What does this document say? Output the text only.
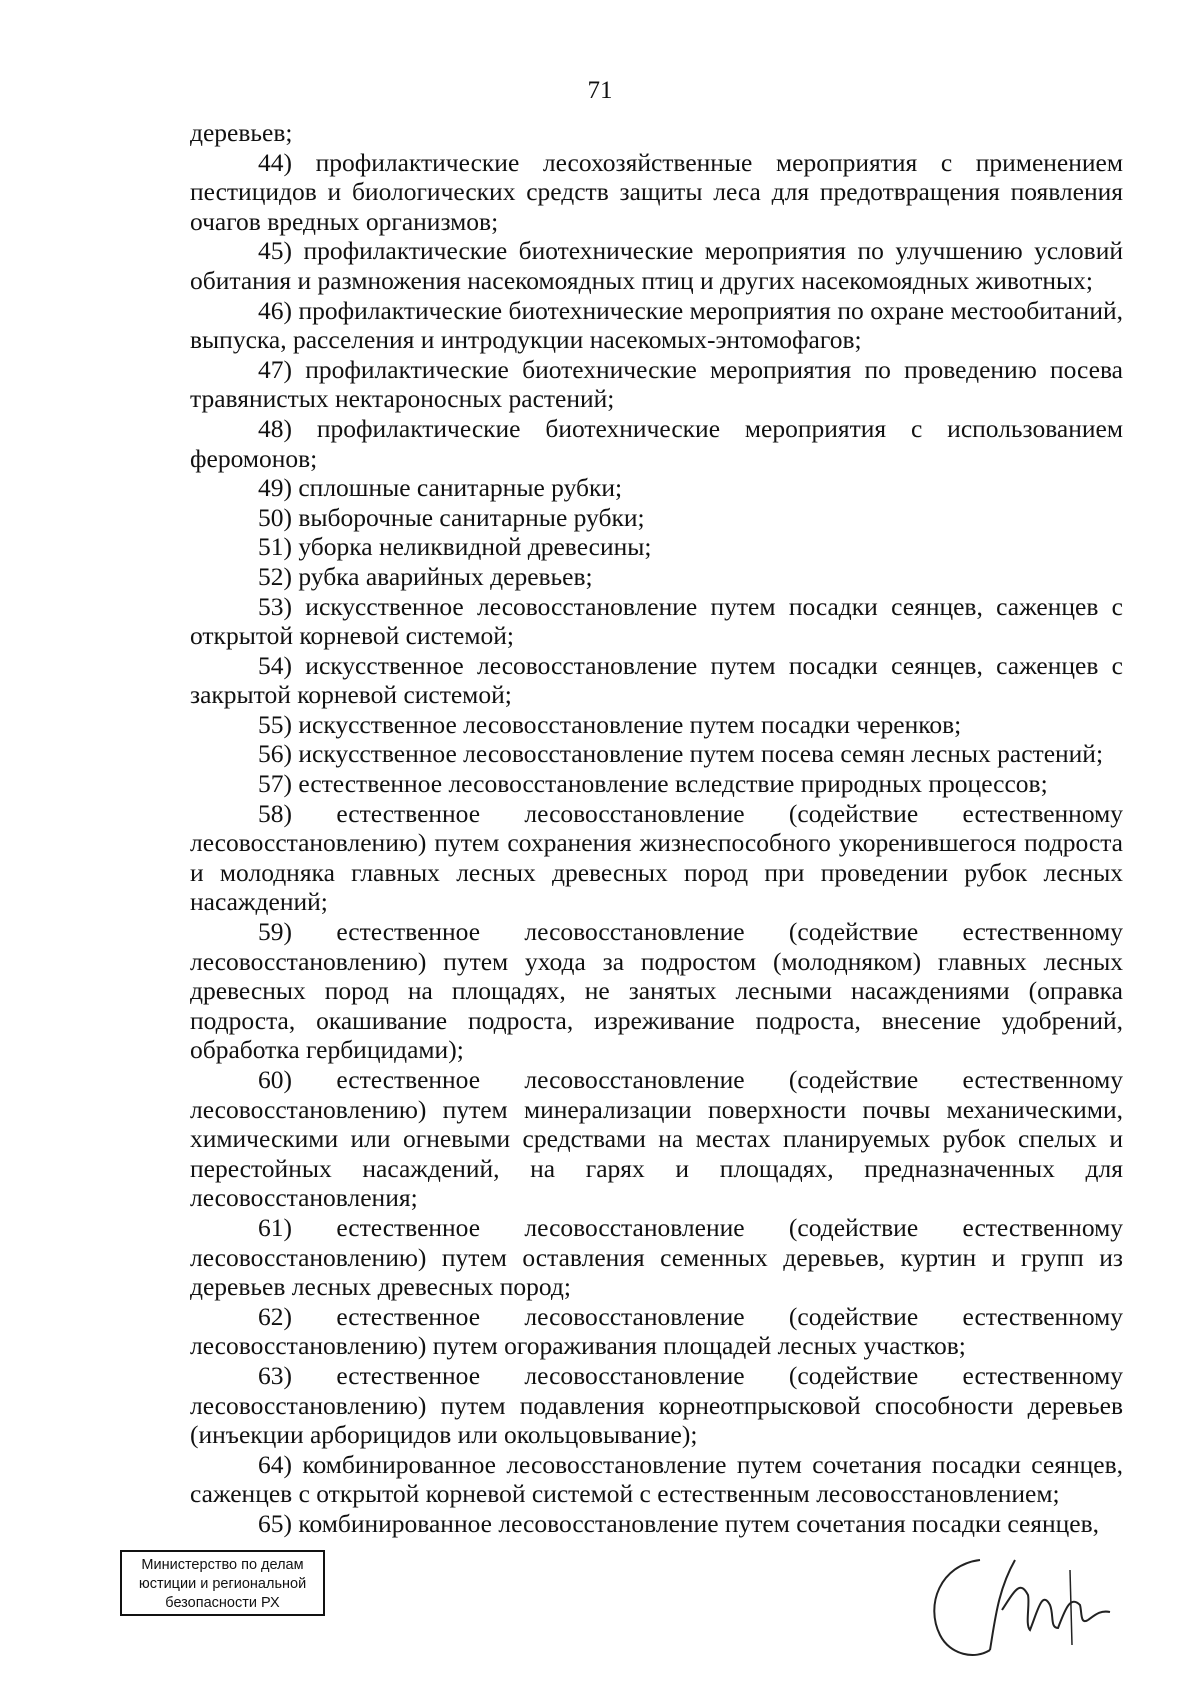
71
деревьев;
44) профилактические лесохозяйственные мероприятия с применением пестицидов и биологических средств защиты леса для предотвращения появления очагов вредных организмов;
45) профилактические биотехнические мероприятия по улучшению условий обитания и размножения насекомоядных птиц и других насекомоядных животных;
46) профилактические биотехнические мероприятия по охране местообитаний, выпуска, расселения и интродукции насекомых-энтомофагов;
47) профилактические биотехнические мероприятия по проведению посева травянистых нектароносных растений;
48) профилактические биотехнические мероприятия с использованием феромонов;
49) сплошные санитарные рубки;
50) выборочные санитарные рубки;
51) уборка неликвидной древесины;
52) рубка аварийных деревьев;
53) искусственное лесовосстановление путем посадки сеянцев, саженцев с открытой корневой системой;
54) искусственное лесовосстановление путем посадки сеянцев, саженцев с закрытой корневой системой;
55) искусственное лесовосстановление путем посадки черенков;
56) искусственное лесовосстановление путем посева семян лесных растений;
57) естественное лесовосстановление вследствие природных процессов;
58) естественное лесовосстановление (содействие естественному лесовосстановлению) путем сохранения жизнеспособного укоренившегося подроста и молодняка главных лесных древесных пород при проведении рубок лесных насаждений;
59) естественное лесовосстановление (содействие естественному лесовосстановлению) путем ухода за подростом (молодняком) главных лесных древесных пород на площадях, не занятых лесными насаждениями (оправка подроста, окашивание подроста, изреживание подроста, внесение удобрений, обработка гербицидами);
60) естественное лесовосстановление (содействие естественному лесовосстановлению) путем минерализации поверхности почвы механическими, химическими или огневыми средствами на местах планируемых рубок спелых и перестойных насаждений, на гарях и площадях, предназначенных для лесовосстановления;
61) естественное лесовосстановление (содействие естественному лесовосстановлению) путем оставления семенных деревьев, куртин и групп из деревьев лесных древесных пород;
62) естественное лесовосстановление (содействие естественному лесовосстановлению) путем огораживания площадей лесных участков;
63) естественное лесовосстановление (содействие естественному лесовосстановлению) путем подавления корнеотпрысковой способности деревьев (инъекции арборицидов или окольцовывание);
64) комбинированное лесовосстановление путем сочетания посадки сеянцев, саженцев с открытой корневой системой с естественным лесовосстановлением;
65) комбинированное лесовосстановление путем сочетания посадки сеянцев,
Министерство по делам
юстиции и региональной
безопасности РХ
